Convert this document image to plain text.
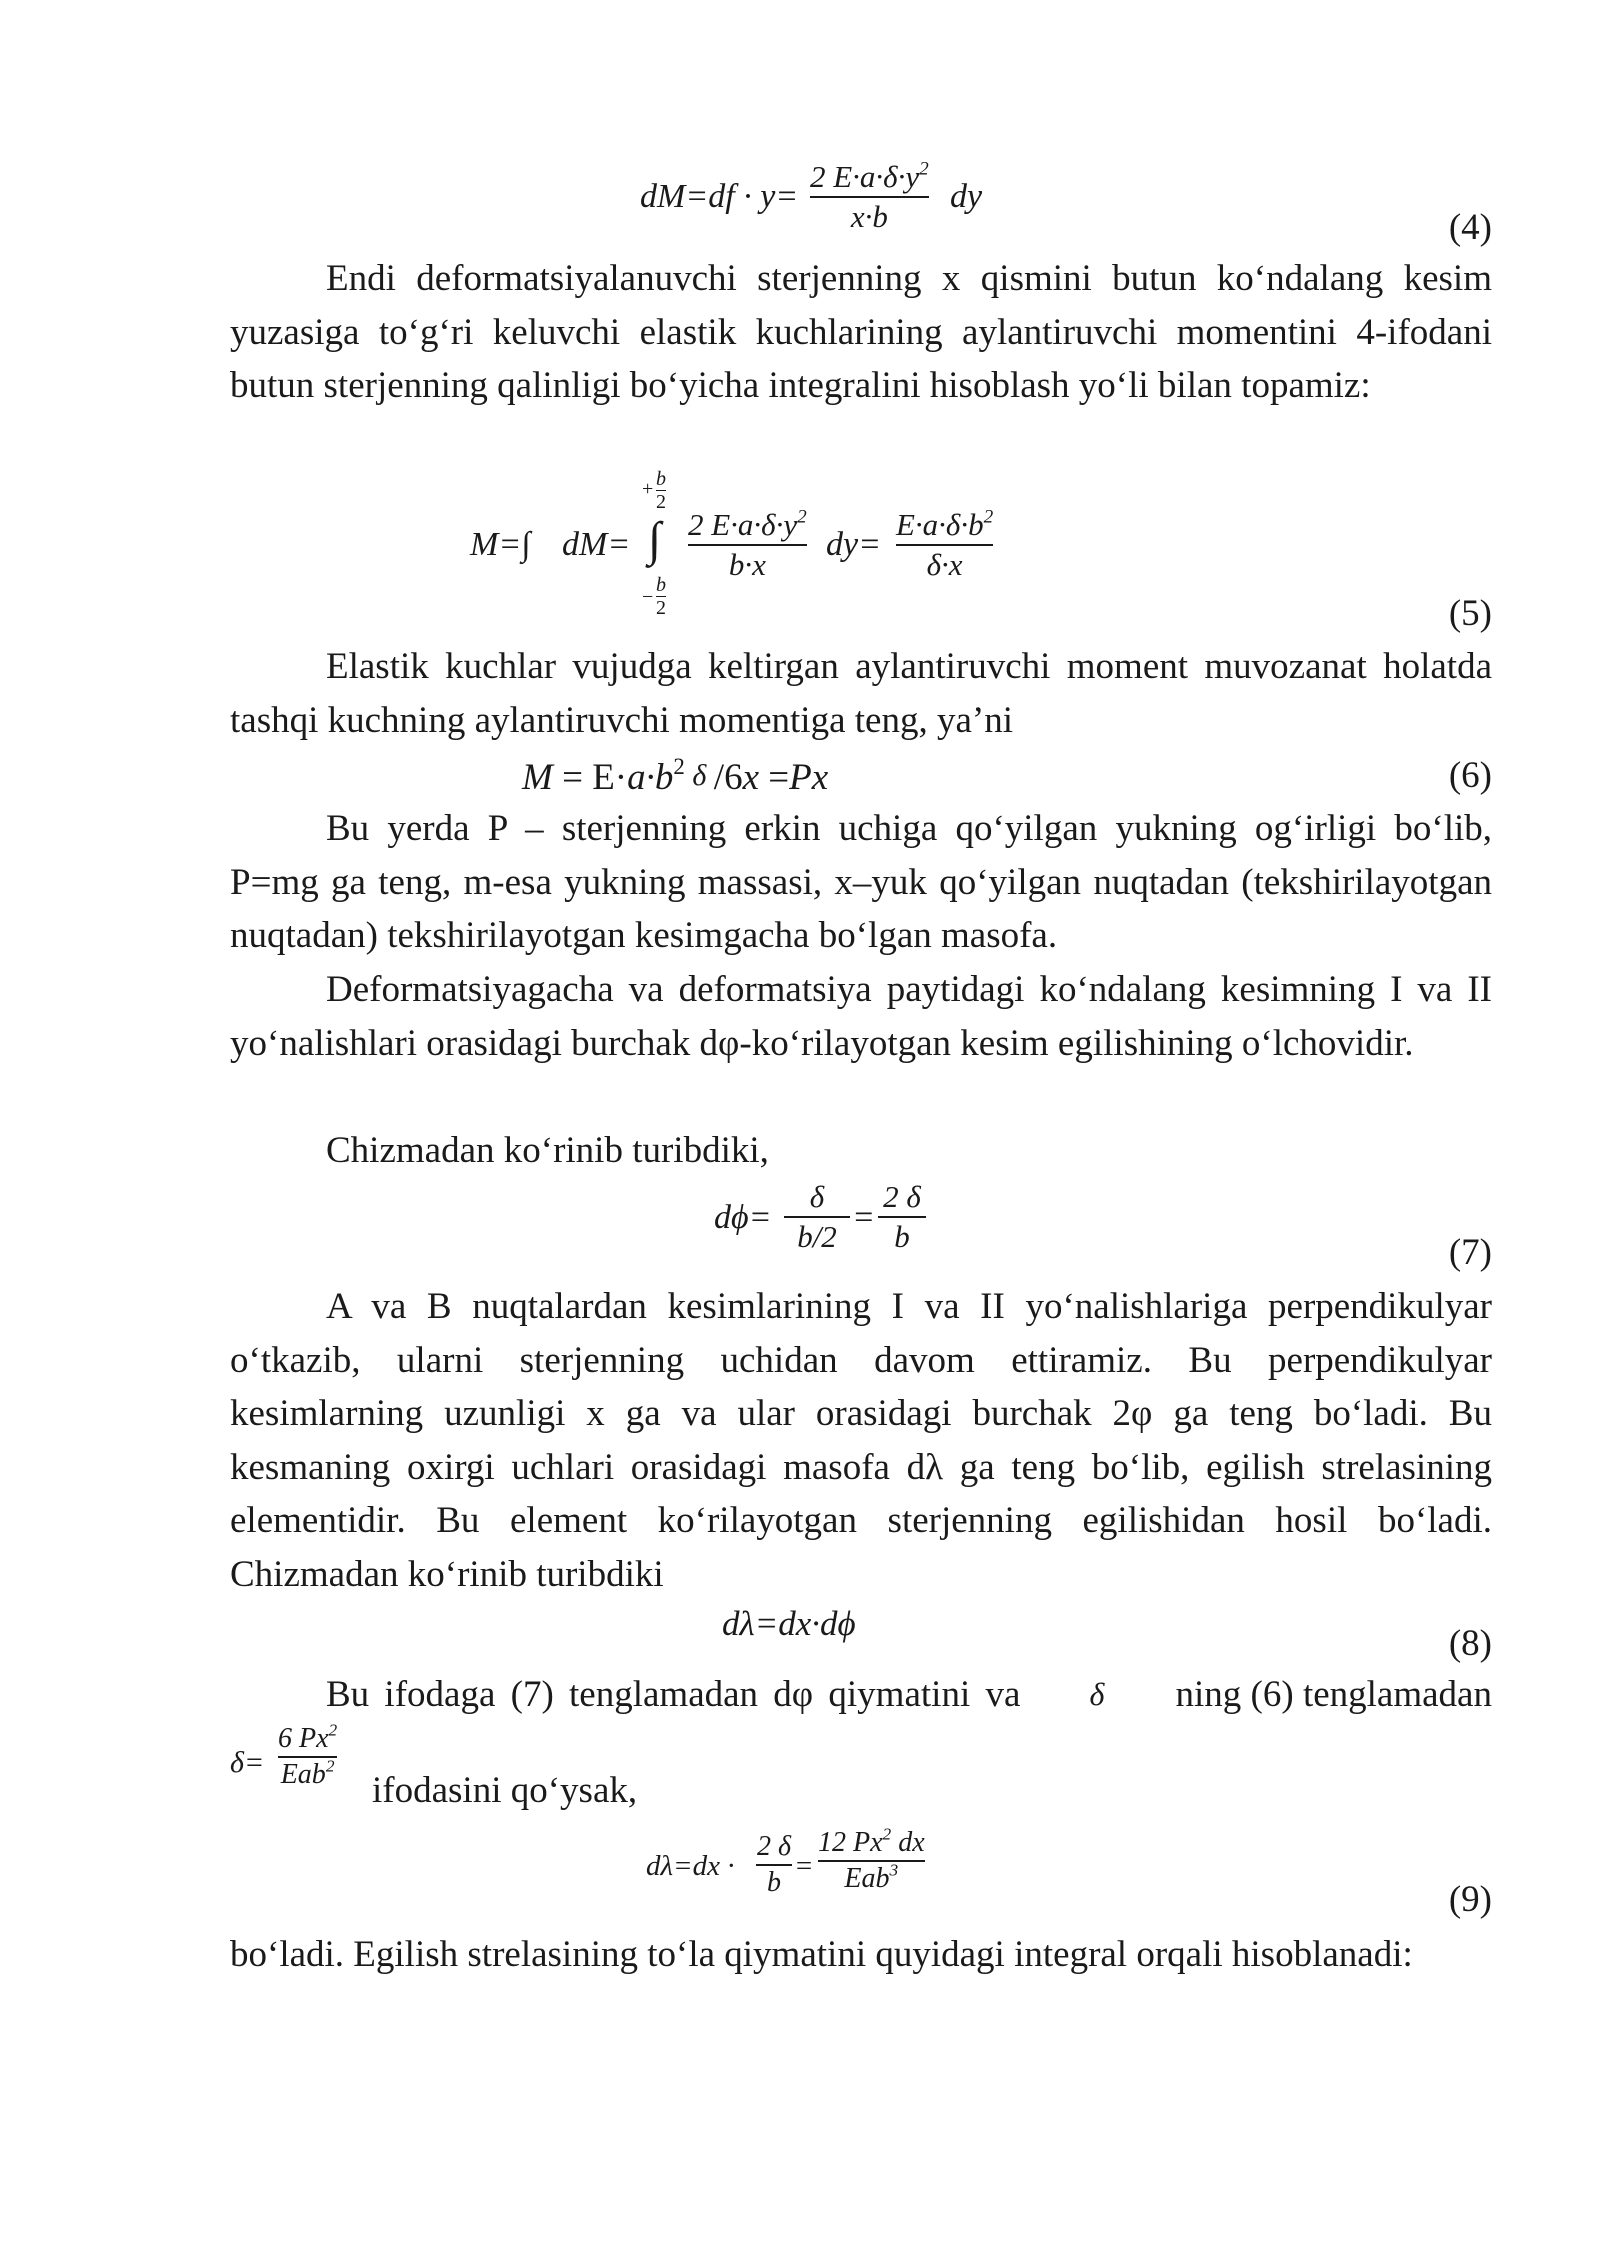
dM=df · y=
2 $E\cdot a\cdot\delta\cdot y^2$
x·b
dy
(4)

Endi deformatsiyalanuvchi sterjenning x qismini butun ko‘ndalang kesim yuzasiga to‘g‘ri keluvchi elastik kuchlarining aylantiruvchi momentini 4-ifodani butun sterjenning qalinligi bo‘yicha integralini hisoblash yo‘li bilan topamiz:

M=∫ dM=
+ b
2
∫
−
b
2
2 $E\cdot a\cdot\delta\cdot y^2$
b·x
dy=
$E\cdot a\cdot\delta\cdot b^2$
δ·x
(5)

Elastik kuchlar vujudga keltirgan aylantiruvchi moment muvozanat holatda tashqi kuchning aylantiruvchi momentiga teng, ya’ni

$M = E\cdot a\cdot b^2$ δ /6x =Px	(6)

Bu yerda P – sterjenning erkin uchiga qo‘yilgan yukning og‘irligi bo‘lib, P=mg ga teng, m-esa yukning massasi, x–yuk qo‘yilgan nuqtadan (tekshirilayotgan nuqtadan) tekshirilayotgan kesimgacha bo‘lgan masofa.

Deformatsiyagacha va deformatsiya paytidagi ko‘ndalang kesimning I va II yo‘nalishlari orasidagi burchak dφ-ko‘rilayotgan kesim egilishining o‘lchovidir.

Chizmadan ko‘rinib turibdiki,
dϕ=
δ
b/2
=
2 δ
b	(7)

A va B nuqtalardan kesimlarining I va II yo‘nalishlariga perpendikulyar o‘tkazib, ularni sterjenning uchidan davom ettiramiz. Bu perpendikulyar kesimlarning uzunligi x ga va ular orasidagi burchak 2φ ga teng bo‘ladi. Bu kesmaning oxirgi uchlari orasidagi masofa dλ ga teng bo‘lib, egilish strelasining elementidir. Bu element ko‘rilayotgan sterjenning egilishidan hosil bo‘ladi. Chizmadan ko‘rinib turibdiki

dλ=dx·dϕ	(8)
Bu ifodaga (7) tenglamadan dφ qiymatini va δ ning (6) tenglamadan
δ=
6 Px$^2$
Eab$^2$
ifodasini qo‘ysak,
dλ=dx ·
2 δ
b
=
12 Px$^2$ dx
Eab$^3$
(9)

bo‘ladi. Egilish strelasining to‘la qiymatini quyidagi integral orqali hisoblanadi:
